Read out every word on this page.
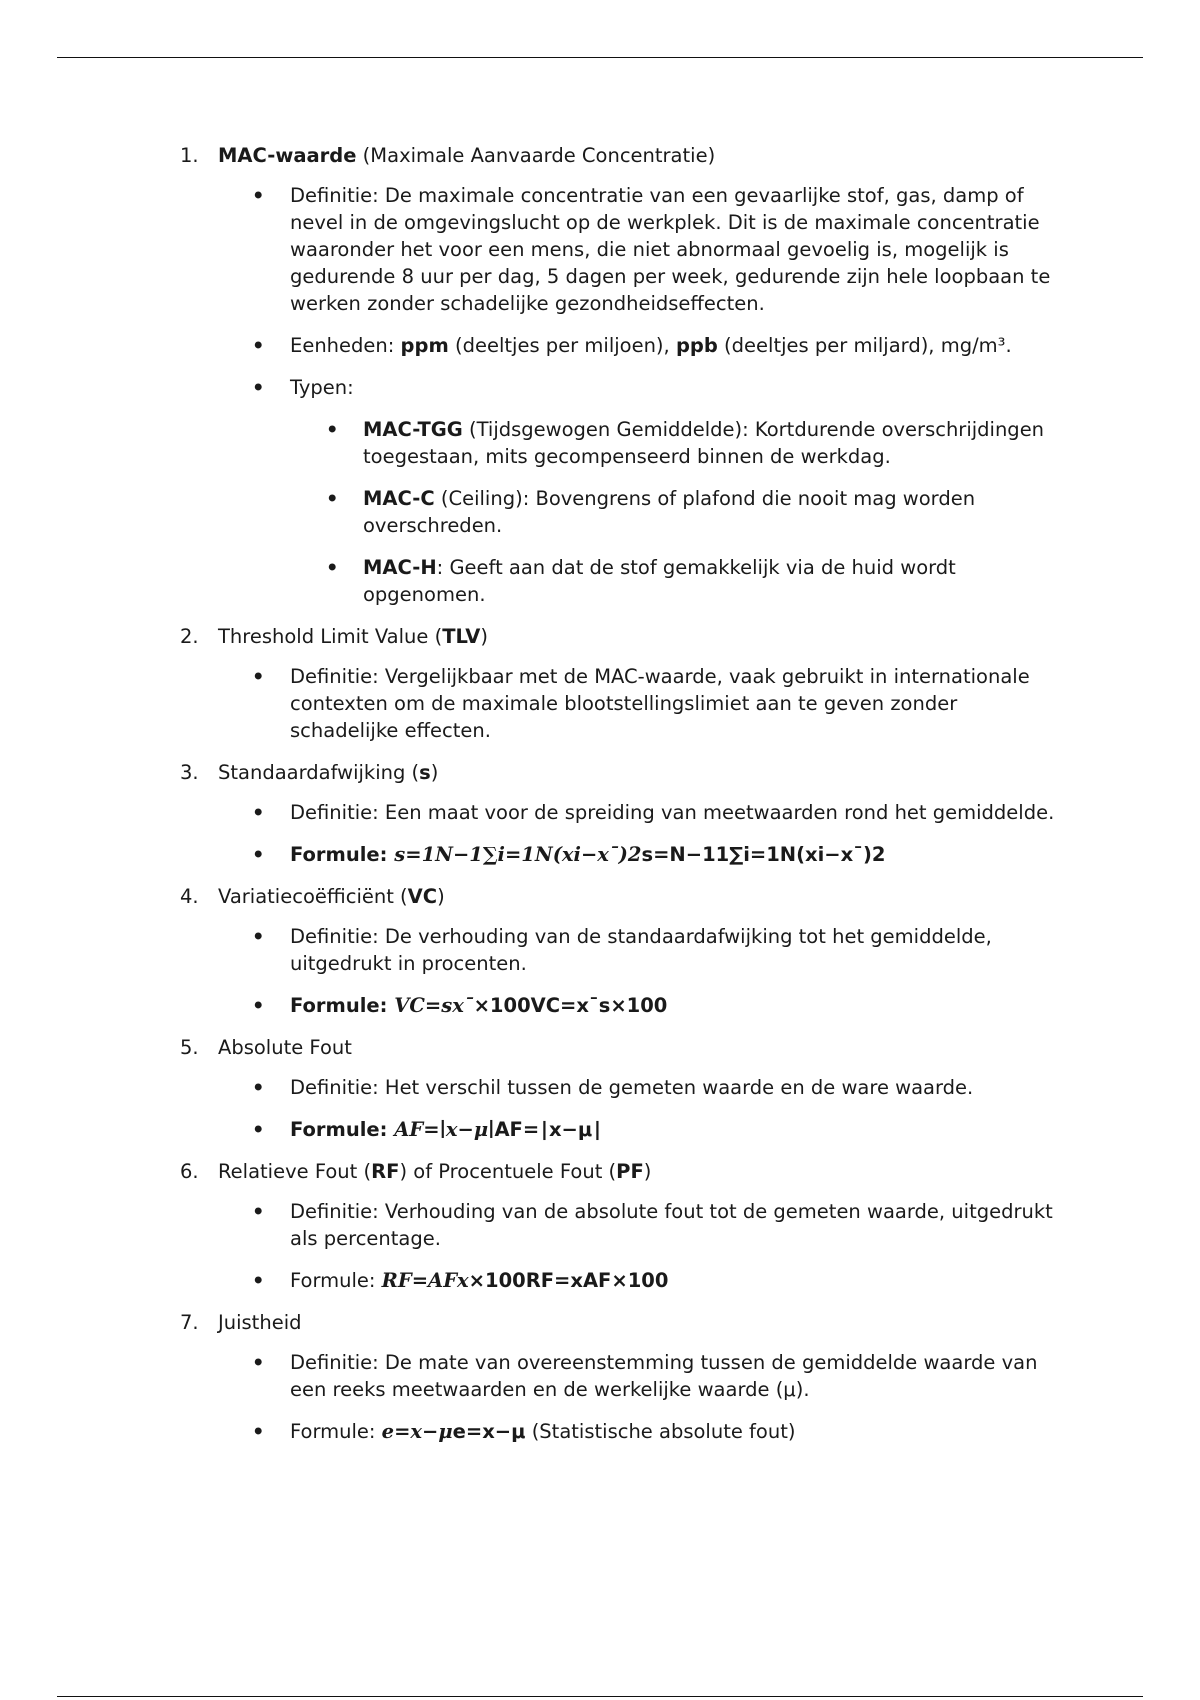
1. MAC-waarde (Maximale Aanvaarde Concentratie)

• Definitie: De maximale concentratie van een gevaarlijke stof, gas, damp of nevel in de omgevingslucht op de werkplek. Dit is de maximale concentratie waaronder het voor een mens, die niet abnormaal gevoelig is, mogelijk is gedurende 8 uur per dag, 5 dagen per week, gedurende zijn hele loopbaan te werken zonder schadelijke gezondheidseffecten.
• Eenheden: ppm (deeltjes per miljoen), ppb (deeltjes per miljard), mg/m³.
• Typen:
• MAC-TGG (Tijdsgewogen Gemiddelde): Kortdurende overschrijdingen toegestaan, mits gecompenseerd binnen de werkdag.
• MAC-C (Ceiling): Bovengrens of plafond die nooit mag worden overschreden.
• MAC-H: Geeft aan dat de stof gemakkelijk via de huid wordt opgenomen.
2. Threshold Limit Value (TLV)

• Definitie: Vergelijkbaar met de MAC-waarde, vaak gebruikt in internationale contexten om de maximale blootstellingslimiet aan te geven zonder schadelijke effecten.
3. Standaardafwijking (s)

• Definitie: Een maat voor de spreiding van meetwaarden rond het gemiddelde.
• Formule: s=1N−1∑i=1N(xi−x¯)2s=N−11∑i=1N(xi−x¯)2
4. Variatiecoëfficiënt (VC)

• Definitie: De verhouding van de standaardafwijking tot het gemiddelde, uitgedrukt in procenten.
• Formule: VC=sx¯×100VC=x¯s×100
5. Absolute Fout

• Definitie: Het verschil tussen de gemeten waarde en de ware waarde.
• Formule: AF=∣x−μ∣AF=∣x−μ∣
6. Relatieve Fout (RF) of Procentuele Fout (PF)

• Definitie: Verhouding van de absolute fout tot de gemeten waarde, uitgedrukt als percentage.
• Formule: RF=AFx×100RF=xAF×100
7. Juistheid

• Definitie: De mate van overeenstemming tussen de gemiddelde waarde van een reeks meetwaarden en de werkelijke waarde (μ).
• Formule: e=x−μe=x−μ (Statistische absolute fout)
